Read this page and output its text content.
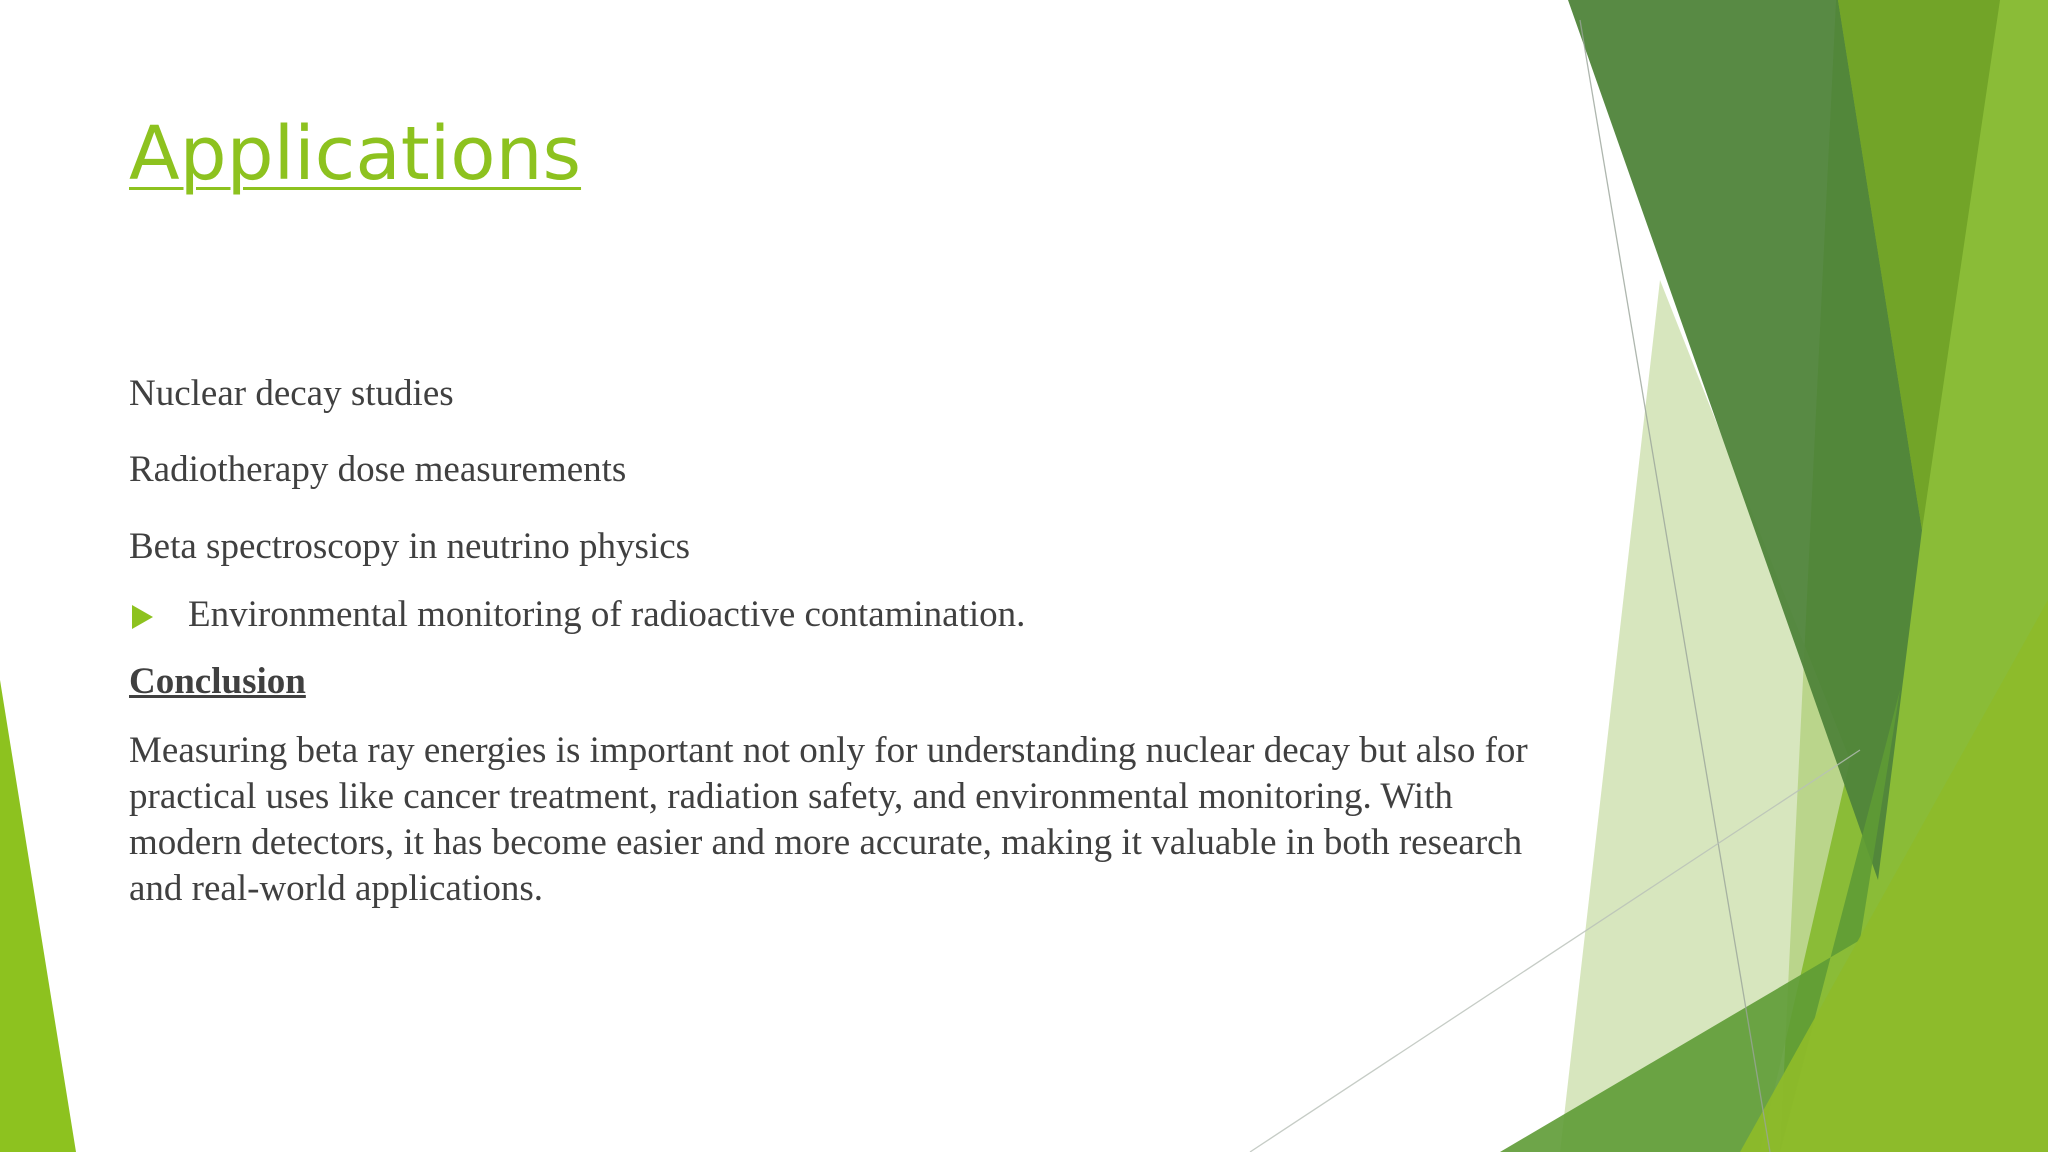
Applications

Nuclear decay studies

Radiotherapy dose measurements

Beta spectroscopy in neutrino physics

Environmental monitoring of radioactive contamination.
Conclusion
Measuring beta ray energies is important not only for understanding nuclear decay but also for practical uses like cancer treatment, radiation safety, and environmental monitoring. With modern detectors, it has become easier and more accurate, making it valuable in both research and real-world applications.
